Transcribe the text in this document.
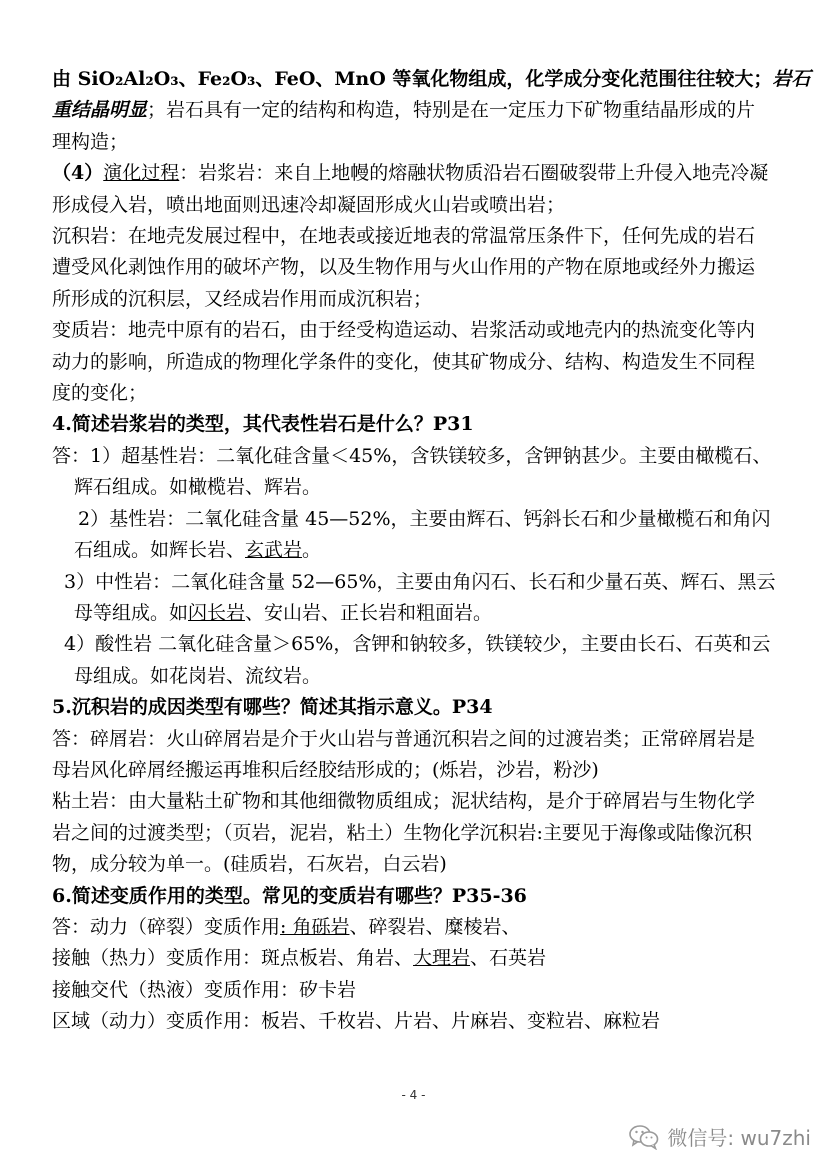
由 SiO₂Al₂O₃、Fe₂O₃、FeO、MnO 等氧化物组成，化学成分变化范围往往较大；岩石
重结晶明显；岩石具有一定的结构和构造，特别是在一定压力下矿物重结晶形成的片
理构造；
（4）演化过程：岩浆岩：来自上地幔的熔融状物质沿岩石圈破裂带上升侵入地壳冷凝
形成侵入岩，喷出地面则迅速冷却凝固形成火山岩或喷出岩；
沉积岩：在地壳发展过程中，在地表或接近地表的常温常压条件下，任何先成的岩石
遭受风化剥蚀作用的破坏产物，以及生物作用与火山作用的产物在原地或经外力搬运
所形成的沉积层，又经成岩作用而成沉积岩；
变质岩：地壳中原有的岩石，由于经受构造运动、岩浆活动或地壳内的热流变化等内
动力的影响，所造成的物理化学条件的变化，使其矿物成分、结构、构造发生不同程
度的变化；
4.简述岩浆岩的类型，其代表性岩石是什么？P31
答：1）超基性岩：二氧化硅含量＜45%，含铁镁较多，含钾钠甚少。主要由橄榄石、
辉石组成。如橄榄岩、辉岩。
2）基性岩：二氧化硅含量 45—52%，主要由辉石、钙斜长石和少量橄榄石和角闪
石组成。如辉长岩、玄武岩。
3）中性岩：二氧化硅含量 52—65%，主要由角闪石、长石和少量石英、辉石、黑云
母等组成。如闪长岩、安山岩、正长岩和粗面岩。
4）酸性岩 二氧化硅含量＞65%，含钾和钠较多，铁镁较少，主要由长石、石英和云
母组成。如花岗岩、流纹岩。
5.沉积岩的成因类型有哪些？简述其指示意义。P34
答：碎屑岩：火山碎屑岩是介于火山岩与普通沉积岩之间的过渡岩类；正常碎屑岩是
母岩风化碎屑经搬运再堆积后经胶结形成的；(烁岩，沙岩，粉沙)
粘土岩：由大量粘土矿物和其他细微物质组成；泥状结构，是介于碎屑岩与生物化学
岩之间的过渡类型；（页岩，泥岩，粘土）生物化学沉积岩:主要见于海像或陆像沉积
物，成分较为单一。(硅质岩，石灰岩，白云岩)
6.简述变质作用的类型。常见的变质岩有哪些？P35-36
答：动力（碎裂）变质作用: 角砾岩、碎裂岩、糜棱岩、
接触（热力）变质作用：斑点板岩、角岩、大理岩、石英岩
接触交代（热液）变质作用：矽卡岩
区域（动力）变质作用：板岩、千枚岩、片岩、片麻岩、变粒岩、麻粒岩
- 4 -
微信号: wu7zhi
